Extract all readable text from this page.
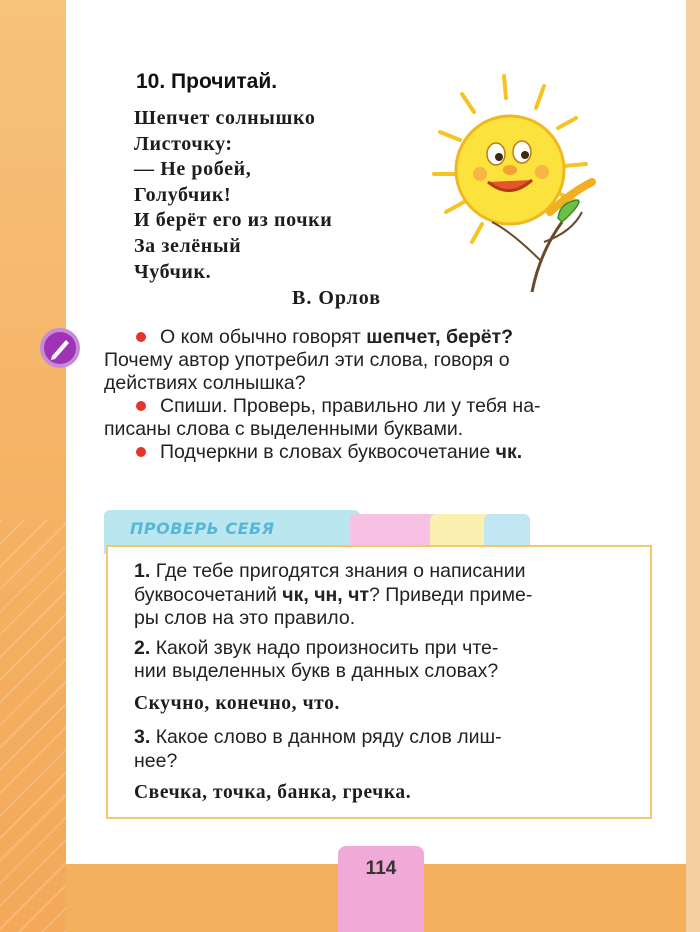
114
10. Прочитай.
Шепчет солнышко
Листочку:
— Не робей,
Голубчик!
И берёт его из почки
За зелёный
Чубчик.
В. Орлов
О ком обычно говорят шепчет, берёт?
Почему автор употребил эти слова, говоря о
действиях солнышка?
Спиши. Проверь, правильно ли у тебя на-
писаны слова с выделенными буквами.
Подчеркни в словах буквосочетание чк.
ПРОВЕРЬ СЕБЯ
1. Где тебе пригодятся знания о написании
буквосочетаний чк, чн, чт? Приведи приме-
ры слов на это правило.
2. Какой звук надо произносить при чте-
нии выделенных букв в данных словах?
Скучно, конечно, что.
3. Какое слово в данном ряду слов лиш-
нее?
Свечка, точка, банка, гречка.
